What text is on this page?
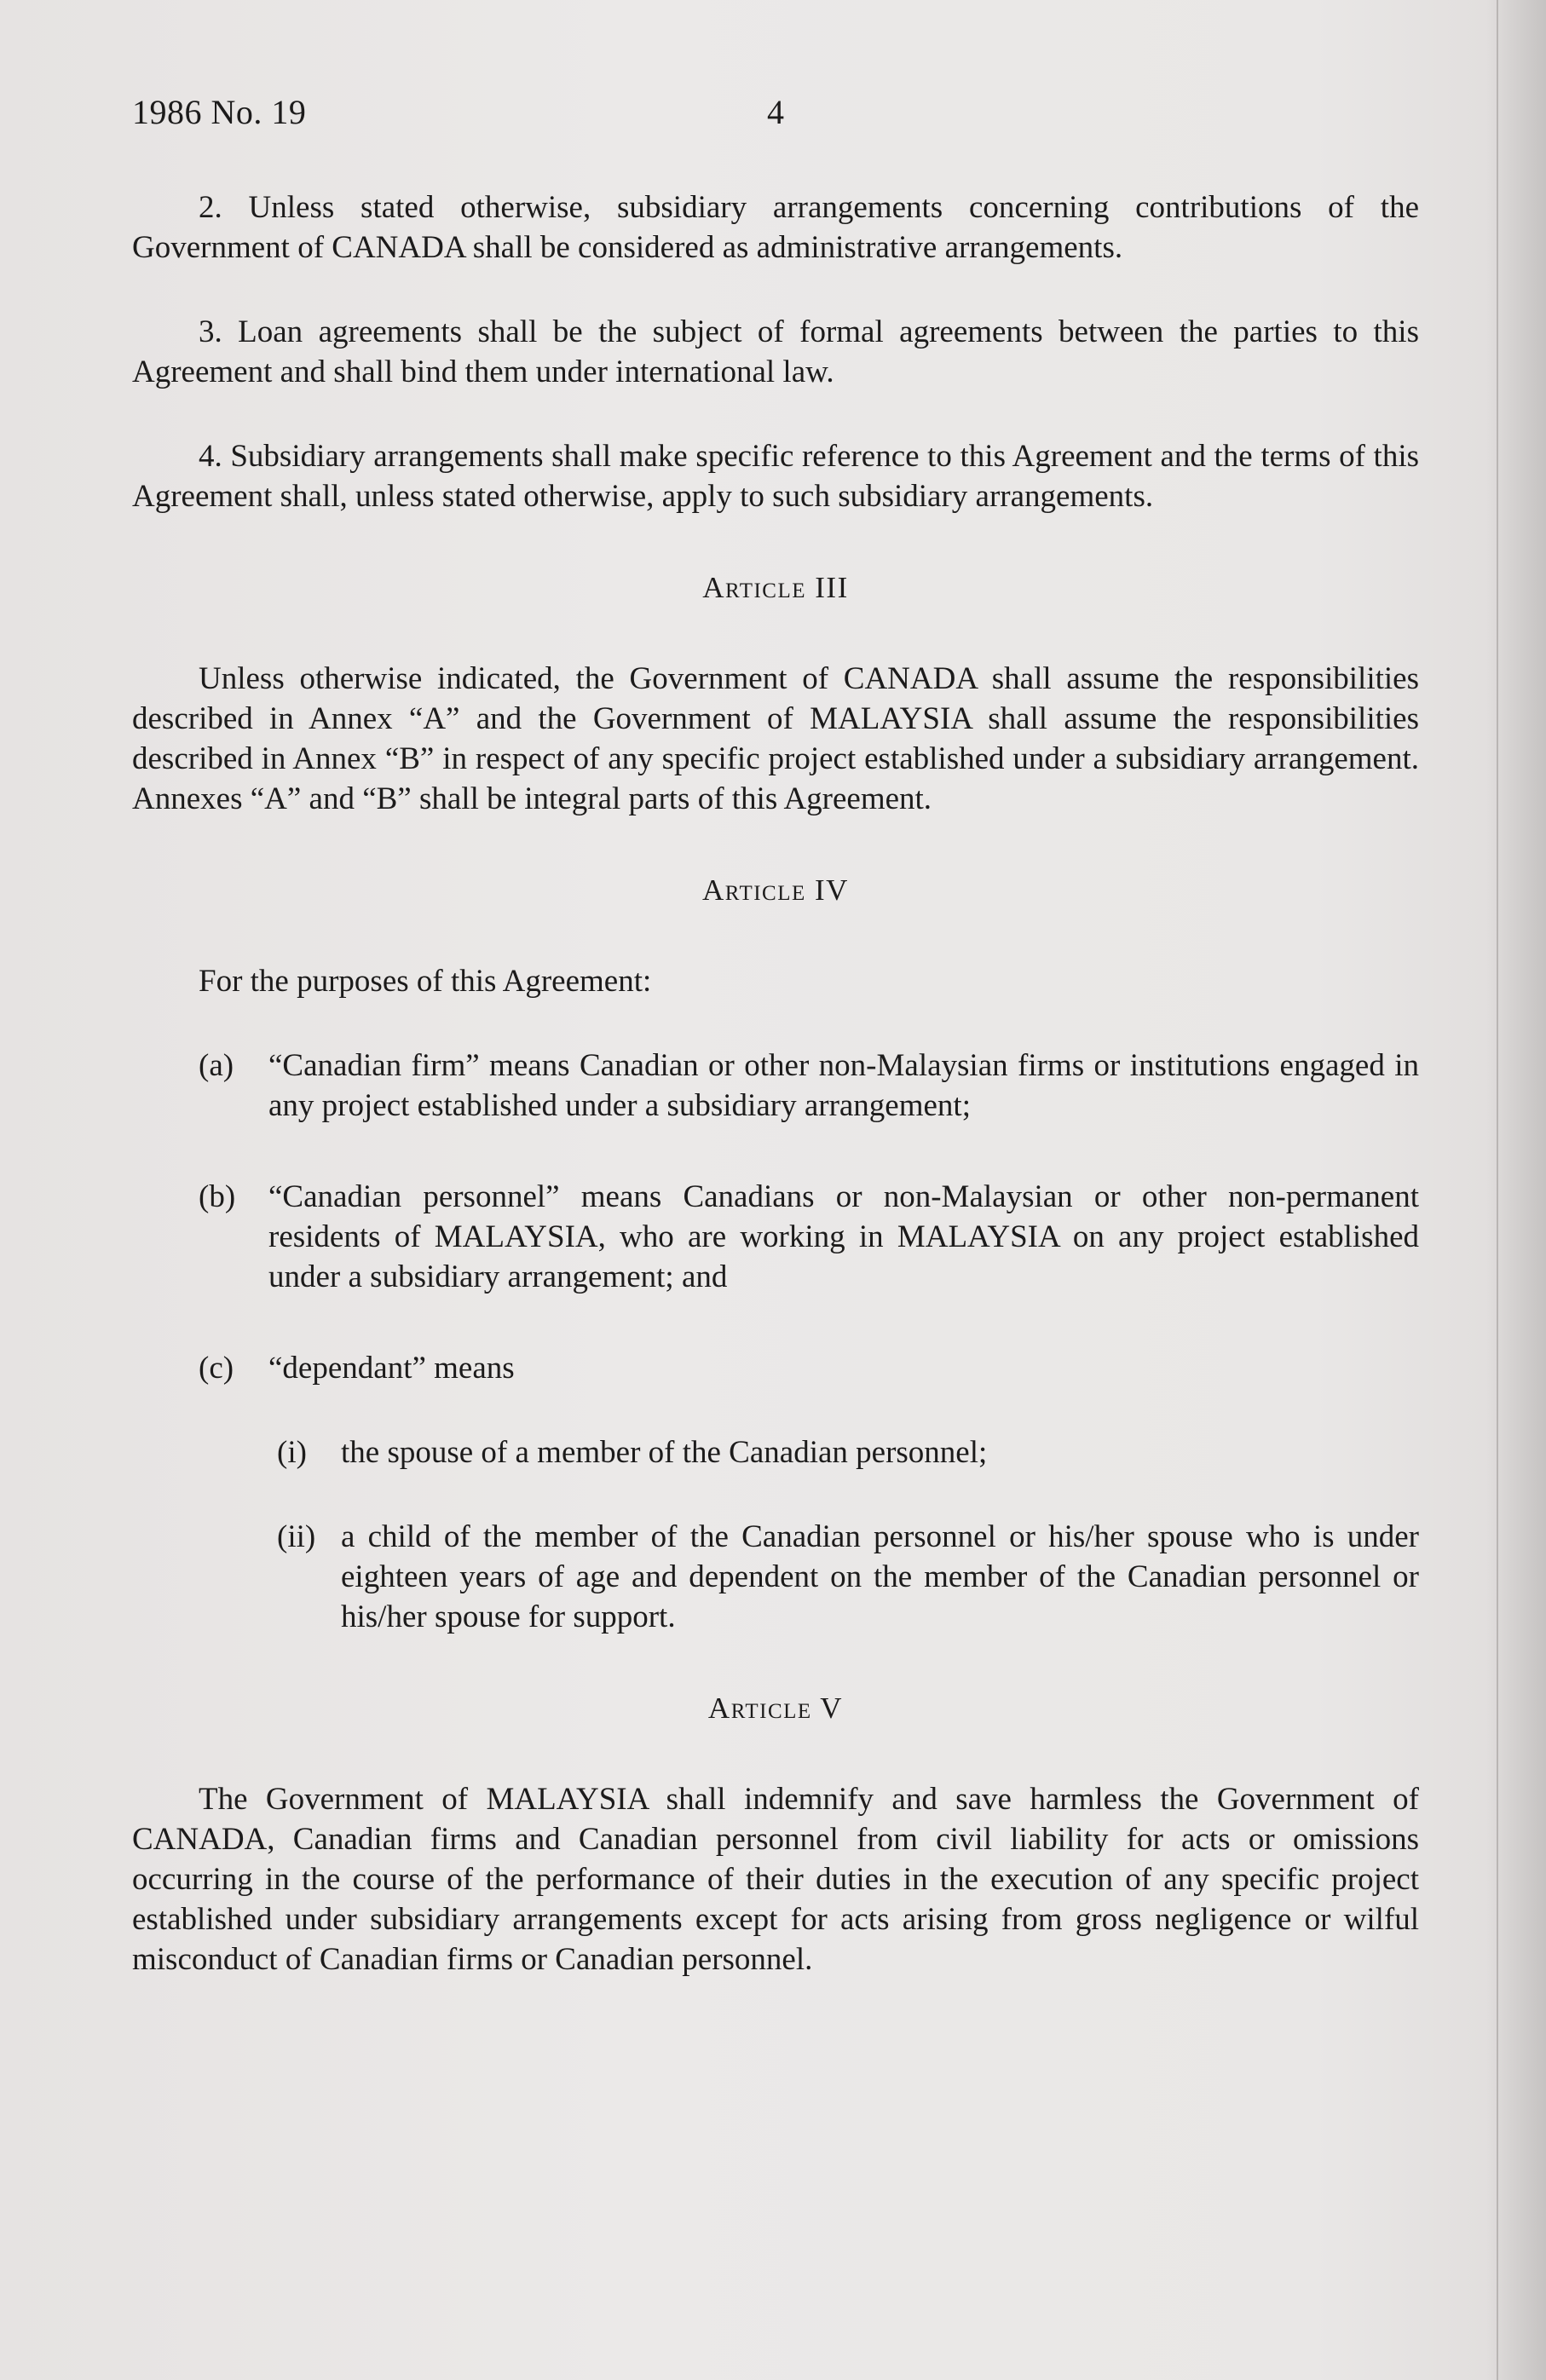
1986 No. 19	4

2. Unless stated otherwise, subsidiary arrangements concerning contributions of the Government of CANADA shall be considered as administrative arrangements.

3. Loan agreements shall be the subject of formal agreements between the parties to this Agreement and shall bind them under international law.

4. Subsidiary arrangements shall make specific reference to this Agreement and the terms of this Agreement shall, unless stated otherwise, apply to such subsidiary arrangements.

Article III

Unless otherwise indicated, the Government of CANADA shall assume the responsibilities described in Annex “A” and the Government of MALAYSIA shall assume the responsibilities described in Annex “B” in respect of any specific project established under a subsidiary arrangement. Annexes “A” and “B” shall be integral parts of this Agreement.

Article IV

For the purposes of this Agreement:

(a) “Canadian firm” means Canadian or other non-Malaysian firms or institutions engaged in any project established under a subsidiary arrangement;
(b) “Canadian personnel” means Canadians or non-Malaysian or other non-permanent residents of MALAYSIA, who are working in MALAYSIA on any project established under a subsidiary arrangement; and
(c) “dependant” means
(i) the spouse of a member of the Canadian personnel;
(ii) a child of the member of the Canadian personnel or his/her spouse who is under eighteen years of age and dependent on the member of the Canadian personnel or his/her spouse for support.

Article V

The Government of MALAYSIA shall indemnify and save harmless the Government of CANADA, Canadian firms and Canadian personnel from civil liability for acts or omissions occurring in the course of the performance of their duties in the execution of any specific project established under subsidiary arrangements except for acts arising from gross negligence or wilful misconduct of Canadian firms or Canadian personnel.
